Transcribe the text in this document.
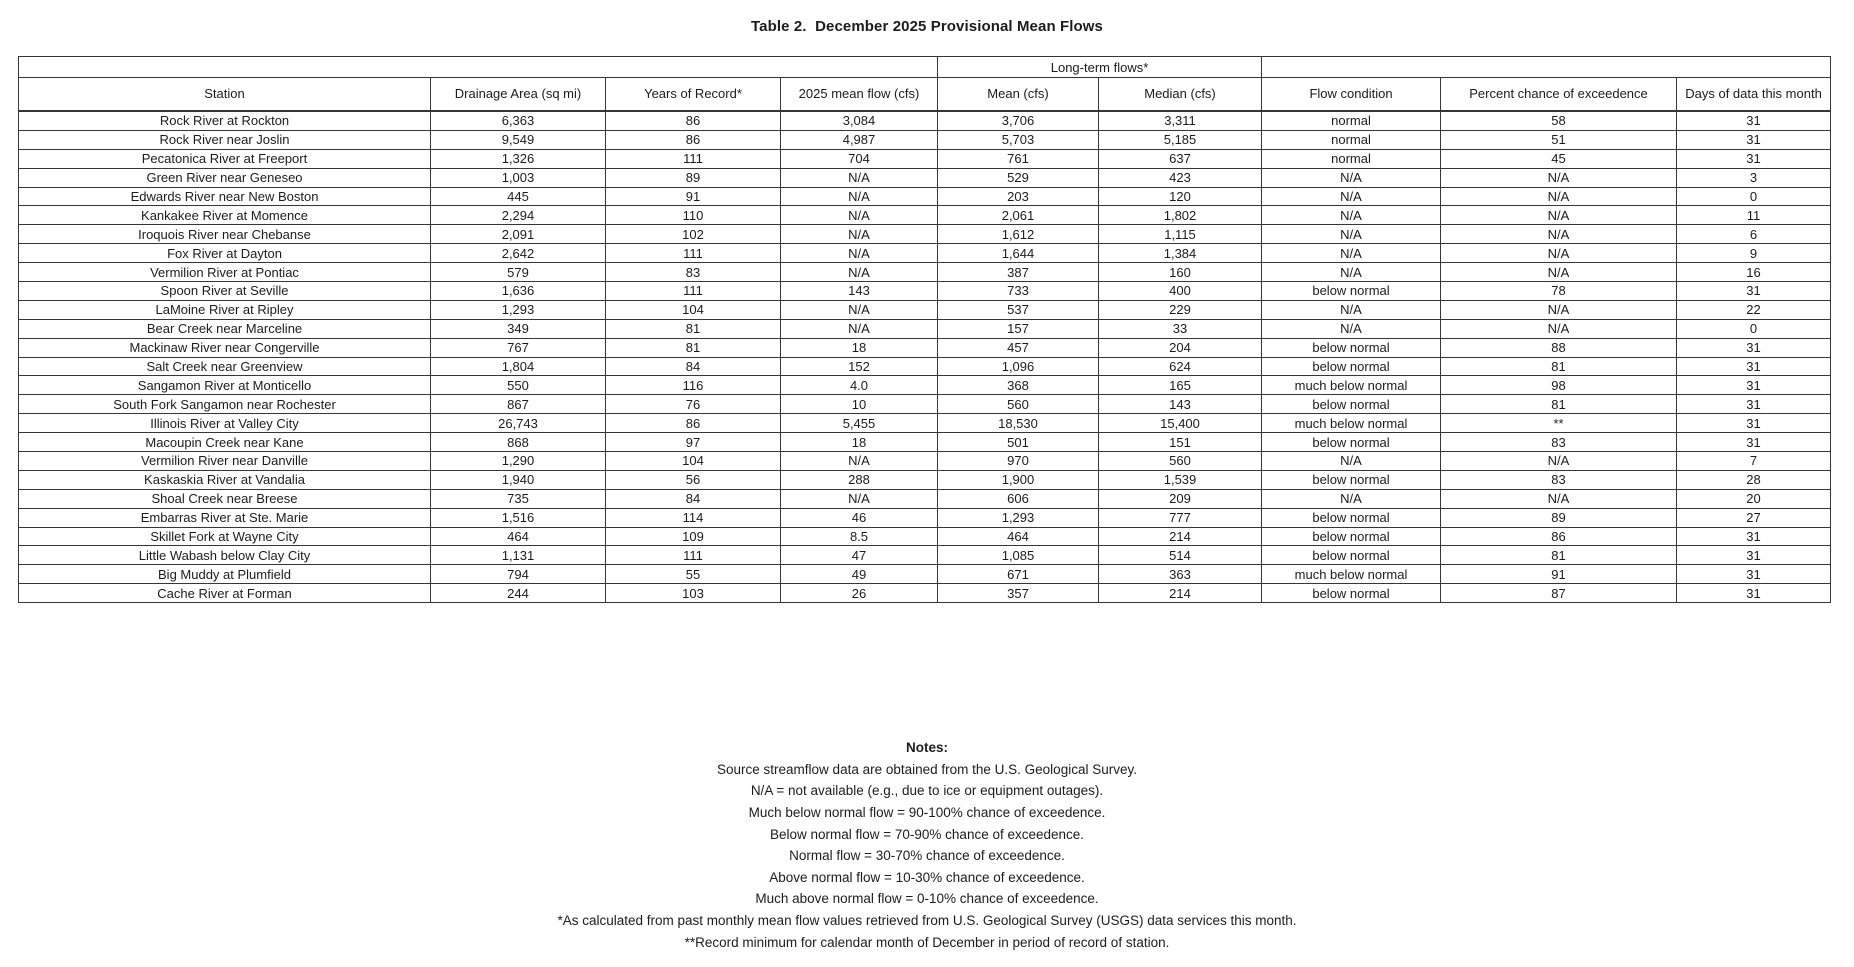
Table 2.  December 2025 Provisional Mean Flows
				Long-term flows*				
Station	Drainage Area (sq mi)	Years of Record*	2025 mean flow (cfs)	Mean (cfs)	Median (cfs)	Flow condition	Percent chance of exceedence	Days of data this month
Rock River at Rockton	6,363	86	3,084	3,706	3,311	normal	58	31
Rock River near Joslin	9,549	86	4,987	5,703	5,185	normal	51	31
Pecatonica River at Freeport	1,326	111	704	761	637	normal	45	31
Green River near Geneseo	1,003	89	N/A	529	423	N/A	N/A	3
Edwards River near New Boston	445	91	N/A	203	120	N/A	N/A	0
Kankakee River at Momence	2,294	110	N/A	2,061	1,802	N/A	N/A	11
Iroquois River near Chebanse	2,091	102	N/A	1,612	1,115	N/A	N/A	6
Fox River at Dayton	2,642	111	N/A	1,644	1,384	N/A	N/A	9
Vermilion River at Pontiac	579	83	N/A	387	160	N/A	N/A	16
Spoon River at Seville	1,636	111	143	733	400	below normal	78	31
LaMoine River at Ripley	1,293	104	N/A	537	229	N/A	N/A	22
Bear Creek near Marceline	349	81	N/A	157	33	N/A	N/A	0
Mackinaw River near Congerville	767	81	18	457	204	below normal	88	31
Salt Creek near Greenview	1,804	84	152	1,096	624	below normal	81	31
Sangamon River at Monticello	550	116	4.0	368	165	much below normal	98	31
South Fork Sangamon near Rochester	867	76	10	560	143	below normal	81	31
Illinois River at Valley City	26,743	86	5,455	18,530	15,400	much below normal	**	31
Macoupin Creek near Kane	868	97	18	501	151	below normal	83	31
Vermilion River near Danville	1,290	104	N/A	970	560	N/A	N/A	7
Kaskaskia River at Vandalia	1,940	56	288	1,900	1,539	below normal	83	28
Shoal Creek near Breese	735	84	N/A	606	209	N/A	N/A	20
Embarras River at Ste. Marie	1,516	114	46	1,293	777	below normal	89	27
Skillet Fork at Wayne City	464	109	8.5	464	214	below normal	86	31
Little Wabash below Clay City	1,131	111	47	1,085	514	below normal	81	31
Big Muddy at Plumfield	794	55	49	671	363	much below normal	91	31
Cache River at Forman	244	103	26	357	214	below normal	87	31
Notes:
Source streamflow data are obtained from the U.S. Geological Survey.
N/A = not available (e.g., due to ice or equipment outages).
Much below normal flow = 90-100% chance of exceedence.
Below normal flow = 70-90% chance of exceedence.
Normal flow = 30-70% chance of exceedence.
Above normal flow = 10-30% chance of exceedence.
Much above normal flow = 0-10% chance of exceedence.
*As calculated from past monthly mean flow values retrieved from U.S. Geological Survey (USGS) data services this month.
**Record minimum for calendar month of December in period of record of station.
